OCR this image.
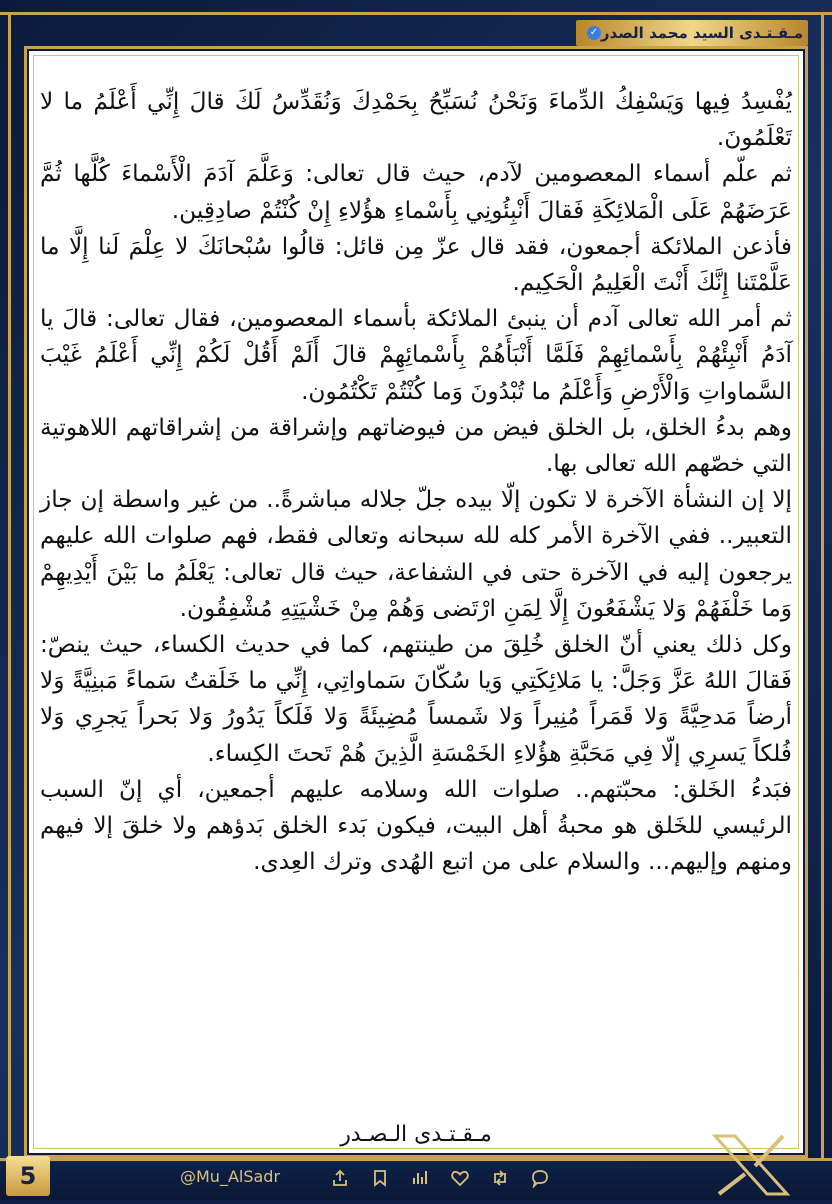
مـقـتـدى السيد محمد الصدر
✓

يُفْسِدُ فِيها وَيَسْفِكُ الدِّماءَ وَنَحْنُ نُسَبِّحُ بِحَمْدِكَ وَنُقَدِّسُ لَكَ قالَ إِنِّي أَعْلَمُ ما لا تَعْلَمُونَ.

ثم علّم أسماء المعصومين لآدم، حيث قال تعالى: وَعَلَّمَ آدَمَ الْأَسْماءَ كُلَّها ثُمَّ عَرَضَهُمْ عَلَى الْمَلائِكَةِ فَقالَ أَنْبِئُونِي بِأَسْماءِ هؤُلاءِ إِنْ كُنْتُمْ صادِقِين.

فأذعن الملائكة أجمعون، فقد قال عزّ مِن قائل: قالُوا سُبْحانَكَ لا عِلْمَ لَنا إِلَّا ما عَلَّمْتَنا إِنَّكَ أَنْتَ الْعَلِيمُ الْحَكِيم.

ثم أمر الله تعالى آدم أن ينبئ الملائكة بأسماء المعصومين، فقال تعالى: قالَ يا آدَمُ أَنْبِئْهُمْ بِأَسْمائِهِمْ فَلَمَّا أَنْبَأَهُمْ بِأَسْمائِهِمْ قالَ أَلَمْ أَقُلْ لَكُمْ إِنِّي أَعْلَمُ غَيْبَ السَّماواتِ وَالْأَرْضِ وَأَعْلَمُ ما تُبْدُونَ وَما كُنْتُمْ تَكْتُمُون.

وهم بدءُ الخلق، بل الخلق فيض من فيوضاتهم وإشراقة من إشراقاتهم اللاهوتية التي خصّهم الله تعالى بها.

إلا إن النشأة الآخرة لا تكون إلّا بيده جلّ جلاله مباشرةً.. من غير واسطة إن جاز التعبير.. ففي الآخرة الأمر كله لله سبحانه وتعالى فقط، فهم صلوات الله عليهم يرجعون إليه في الآخرة حتى في الشفاعة، حيث قال تعالى: يَعْلَمُ ما بَيْنَ أَيْدِيهِمْ وَما خَلْفَهُمْ وَلا يَشْفَعُونَ إِلَّا لِمَنِ ارْتَضى وَهُمْ مِنْ خَشْيَتِهِ مُشْفِقُون.

وكل ذلك يعني أنّ الخلق خُلِقَ من طينتهم، كما في حديث الكساء، حيث ينصّ: فَقالَ اللهُ عَزَّ وَجَلَّ: يا مَلائِكَتِي وَيا سُكّانَ سَماواتِي، إِنِّي ما خَلَقتُ سَماءً مَبنِيَّةً وَلا أرضاً مَدحِيَّةً وَلا قَمَراً مُنِيراً وَلا شَمساً مُضِيئَةً وَلا فَلَكاً يَدُورُ وَلا بَحراً يَجرِي وَلا فُلكاً يَسرِي إلّا فِي مَحَبَّةِ هؤُلاءِ الخَمْسَةِ الَّذِينَ هُمْ تَحتَ الكِساء.

فبَدءُ الخَلق: محبّتهم.. صلوات الله وسلامه عليهم أجمعين، أي إنّ السبب الرئيسي للخَلق هو محبةُ أهل البيت، فيكون بَدء الخلق بَدؤهم ولا خلقَ إلا فيهم ومنهم وإليهم... والسلام على من اتبع الهُدى وترك العِدى.

مـقـتـدى الـصـدر
5	@Mu_AlSadr
